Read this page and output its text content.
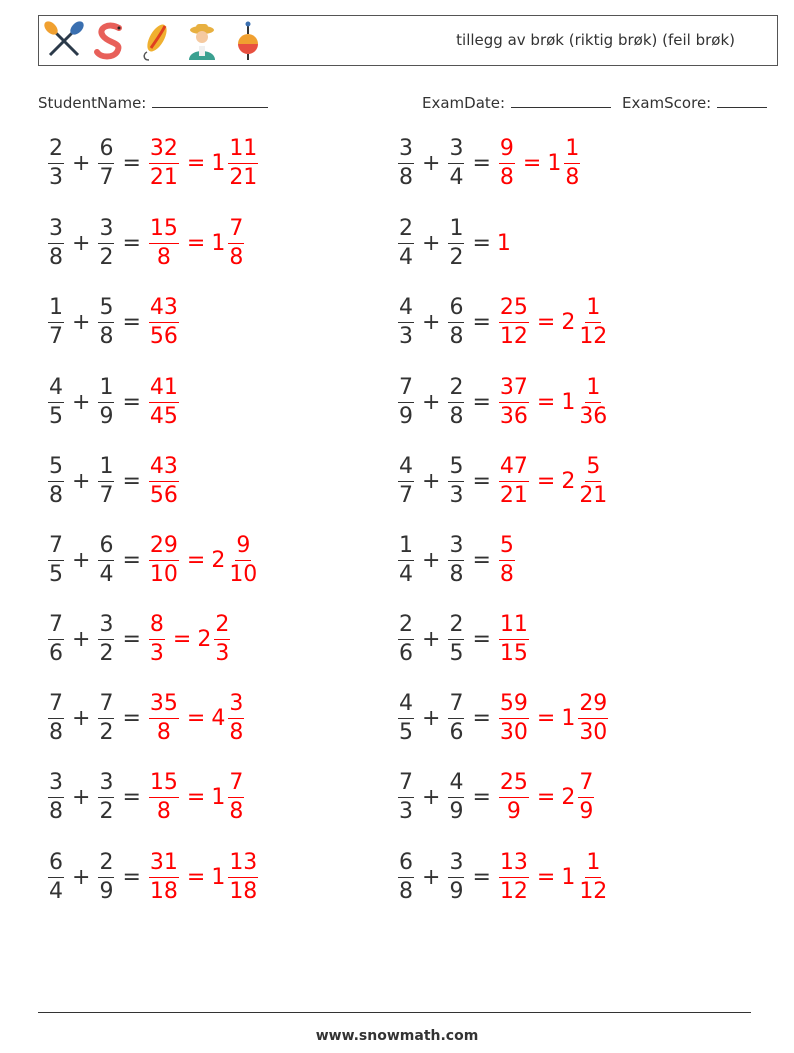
tillegg av brøk (riktig brøk) (feil brøk)
StudentName:	ExamDate:	ExamScore:
$\frac{2}{3} + \frac{6}{7} = \frac{32}{21} = 1 \frac{11}{21}$
$\frac{3}{8} + \frac{3}{2} = \frac{15}{8} = 1 \frac{7}{8}$
$\frac{1}{7} + \frac{5}{8} = \frac{43}{56}$
$\frac{4}{5} + \frac{1}{9} = \frac{41}{45}$
$\frac{5}{8} + \frac{1}{7} = \frac{43}{56}$
$\frac{7}{5} + \frac{6}{4} = \frac{29}{10} = 2 \frac{9}{10}$
$\frac{7}{6} + \frac{3}{2} = \frac{8}{3} = 2 \frac{2}{3}$
$\frac{7}{8} + \frac{7}{2} = \frac{35}{8} = 4 \frac{3}{8}$
$\frac{3}{8} + \frac{3}{2} = \frac{15}{8} = 1 \frac{7}{8}$
$\frac{6}{4} + \frac{2}{9} = \frac{31}{18} = 1 \frac{13}{18}$
$\frac{3}{8} + \frac{3}{4} = \frac{9}{8} = 1 \frac{1}{8}$
$\frac{2}{4} + \frac{1}{2} = 1$
$\frac{4}{3} + \frac{6}{8} = \frac{25}{12} = 2 \frac{1}{12}$
$\frac{7}{9} + \frac{2}{8} = \frac{37}{36} = 1 \frac{1}{36}$
$\frac{4}{7} + \frac{5}{3} = \frac{47}{21} = 2 \frac{5}{21}$
$\frac{1}{4} + \frac{3}{8} = \frac{5}{8}$
$\frac{2}{6} + \frac{2}{5} = \frac{11}{15}$
$\frac{4}{5} + \frac{7}{6} = \frac{59}{30} = 1 \frac{29}{30}$
$\frac{7}{3} + \frac{4}{9} = \frac{25}{9} = 2 \frac{7}{9}$
$\frac{6}{8} + \frac{3}{9} = \frac{13}{12} = 1 \frac{1}{12}$
www.snowmath.com
